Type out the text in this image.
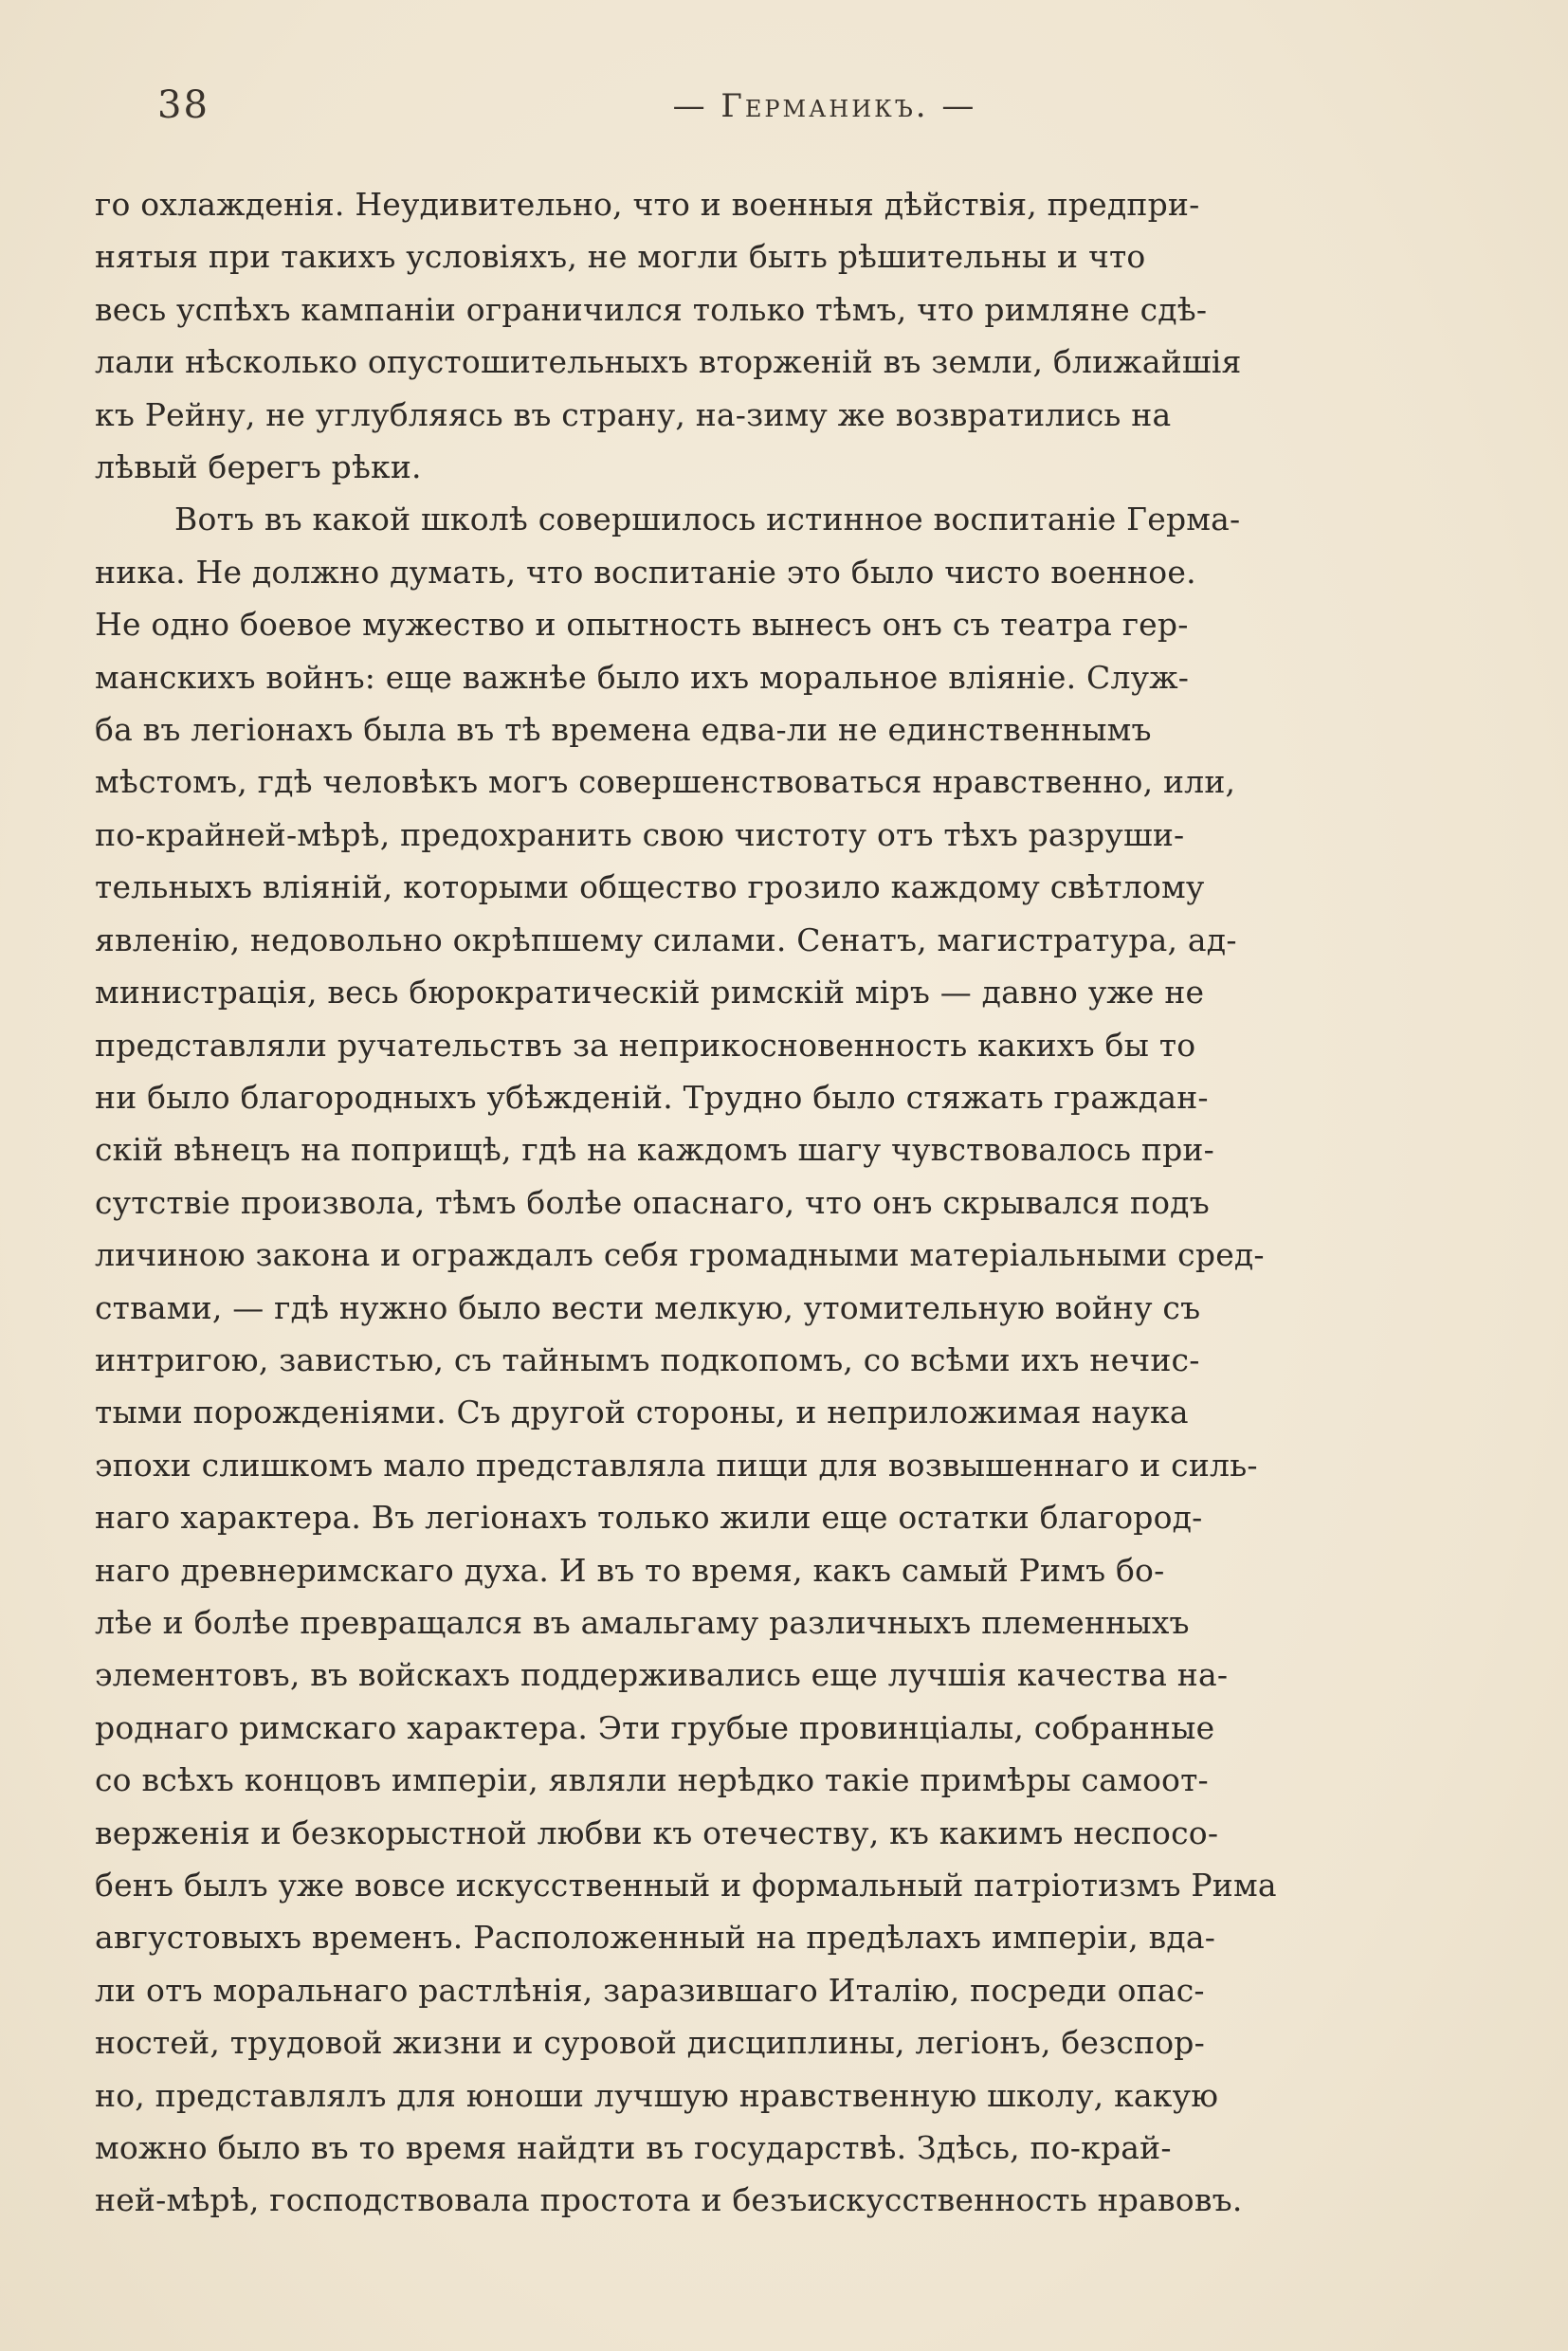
38	— Германикъ. —

го охлажденія. Неудивительно, что и военныя дѣйствія, предпри-
нятыя при такихъ условіяхъ, не могли быть рѣшительны и что
весь успѣхъ кампаніи ограничился только тѣмъ, что римляне сдѣ-
лали нѣсколько опустошительныхъ вторженій въ земли, ближайшія
къ Рейну, не углубляясь въ страну, на-зиму же возвратились на
лѣвый берегъ рѣки.

Вотъ въ какой школѣ совершилось истинное воспитаніе Герма-
ника. Не должно думать, что воспитаніе это было чисто военное.
Не одно боевое мужество и опытность вынесъ онъ съ театра гер-
манскихъ войнъ: еще важнѣе было ихъ моральное вліяніе. Служ-
ба въ легіонахъ была въ тѣ времена едва-ли не единственнымъ
мѣстомъ, гдѣ человѣкъ могъ совершенствоваться нравственно, или,
по-крайней-мѣрѣ, предохранить свою чистоту отъ тѣхъ разруши-
тельныхъ вліяній, которыми общество грозило каждому свѣтлому
явленію, недовольно окрѣпшему силами. Сенатъ, магистратура, ад-
министрація, весь бюрократическій римскій міръ — давно уже не
представляли ручательствъ за неприкосновенность какихъ бы то
ни было благородныхъ убѣжденій. Трудно было стяжать граждан-
скій вѣнецъ на поприщѣ, гдѣ на каждомъ шагу чувствовалось при-
сутствіе произвола, тѣмъ болѣе опаснаго, что онъ скрывался подъ
личиною закона и ограждалъ себя громадными матеріальными сред-
ствами, — гдѣ нужно было вести мелкую, утомительную войну съ
интригою, завистью, съ тайнымъ подкопомъ, со всѣми ихъ нечис-
тыми порожденіями. Съ другой стороны, и неприложимая наука
эпохи слишкомъ мало представляла пищи для возвышеннаго и силь-
наго характера. Въ легіонахъ только жили еще остатки благород-
наго древнеримскаго духа. И въ то время, какъ самый Римъ бо-
лѣе и болѣе превращался въ амальгаму различныхъ племенныхъ
элементовъ, въ войскахъ поддерживались еще лучшія качества на-
роднаго римскаго характера. Эти грубые провинціалы, собранные
со всѣхъ концовъ имперіи, являли нерѣдко такіе примѣры самоот-
верженія и безкорыстной любви къ отечеству, къ какимъ неспосо-
бенъ былъ уже вовсе искусственный и формальный патріотизмъ Рима
августовыхъ временъ. Расположенный на предѣлахъ имперіи, вда-
ли отъ моральнаго растлѣнія, заразившаго Италію, посреди опас-
ностей, трудовой жизни и суровой дисциплины, легіонъ, безспор-
но, представлялъ для юноши лучшую нравственную школу, какую
можно было въ то время найдти въ государствѣ. Здѣсь, по-край-
ней-мѣрѣ, господствовала простота и безъискусственность нравовъ.
